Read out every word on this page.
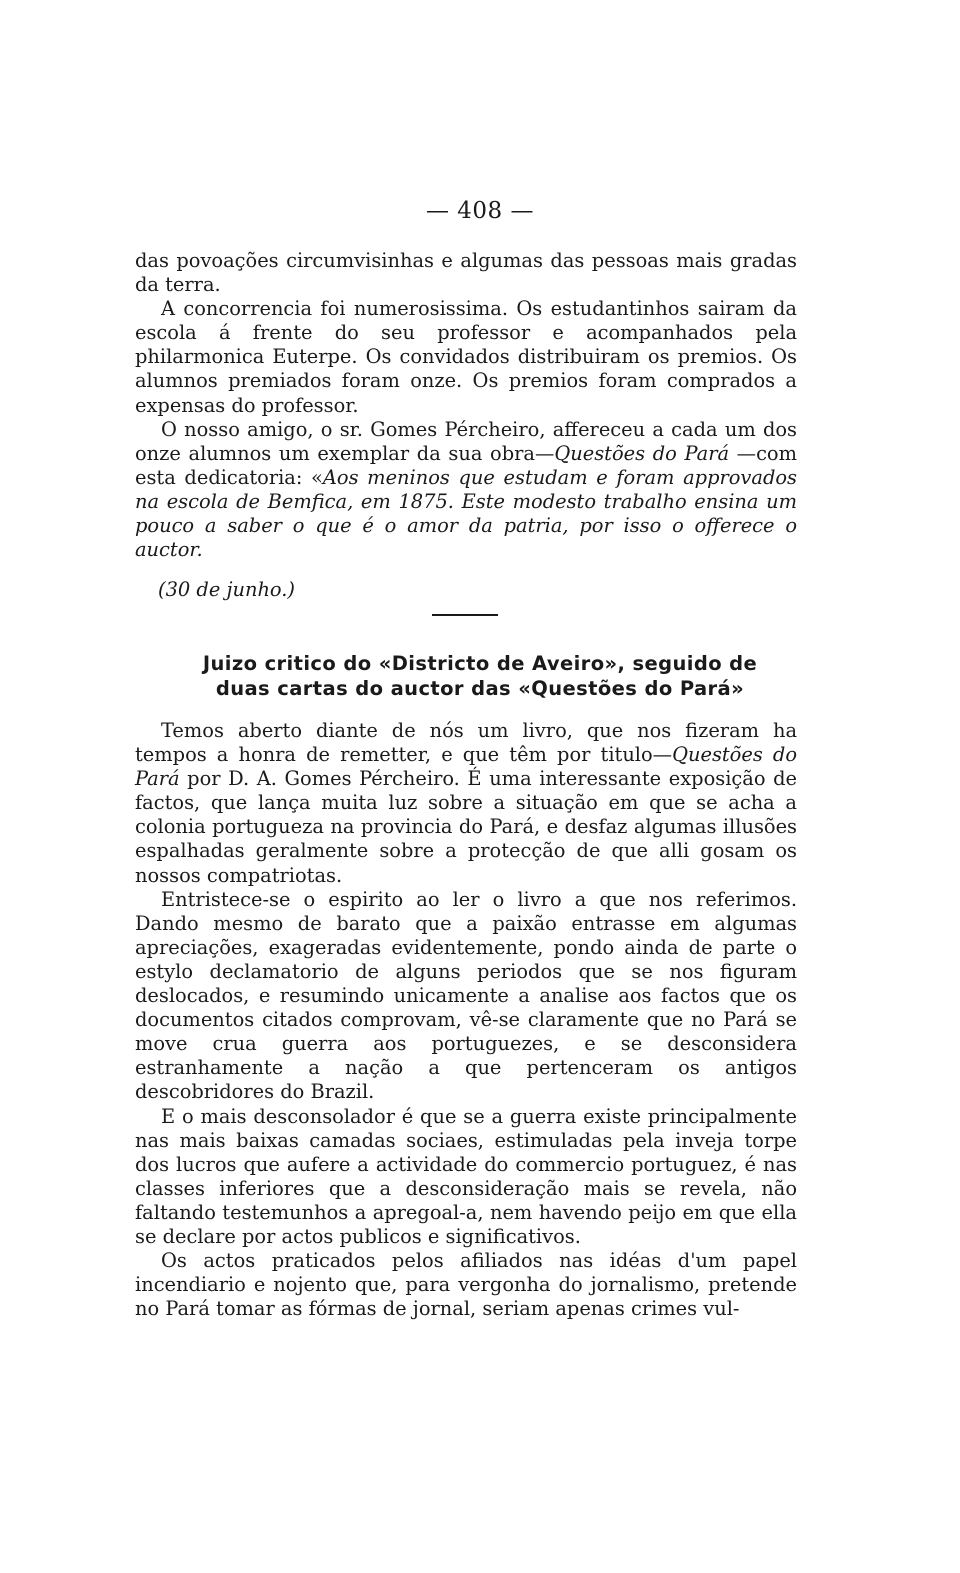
— 408 —

das povoações circumvisinhas e algumas das pessoas mais gradas da terra.

A concorrencia foi numerosissima. Os estudantinhos sairam da escola á frente do seu professor e acompanhados pela philarmonica Euterpe. Os convidados distribuiram os premios. Os alumnos premiados foram onze. Os premios foram comprados a expensas do professor.

O nosso amigo, o sr. Gomes Pércheiro, affereceu a cada um dos onze alumnos um exemplar da sua obra—Questões do Pará —com esta dedicatoria: «Aos meninos que estudam e foram approvados na escola de Bemfica, em 1875. Este modesto trabalho ensina um pouco a saber o que é o amor da patria, por isso o offerece o auctor.

(30 de junho.)
Juizo critico do «Districto de Aveiro», seguido de
duas cartas do auctor das «Questões do Pará»

Temos aberto diante de nós um livro, que nos fizeram ha tempos a honra de remetter, e que têm por titulo—Questões do Pará por D. A. Gomes Pércheiro. É uma interessante exposição de factos, que lança muita luz sobre a situação em que se acha a colonia portugueza na provincia do Pará, e desfaz algumas illusões espalhadas geralmente sobre a protecção de que alli gosam os nossos compatriotas.

Entristece-se o espirito ao ler o livro a que nos referimos. Dando mesmo de barato que a paixão entrasse em algumas apreciações, exageradas evidentemente, pondo ainda de parte o estylo declamatorio de alguns periodos que se nos figuram deslocados, e resumindo unicamente a analise aos factos que os documentos citados comprovam, vê-se claramente que no Pará se move crua guerra aos portuguezes, e se desconsidera estranhamente a nação a que pertenceram os antigos descobridores do Brazil.

E o mais desconsolador é que se a guerra existe principalmente nas mais baixas camadas sociaes, estimuladas pela inveja torpe dos lucros que aufere a actividade do commercio portuguez, é nas classes inferiores que a desconsideração mais se revela, não faltando testemunhos a apregoal-a, nem havendo peijo em que ella se declare por actos publicos e significativos.

Os actos praticados pelos afiliados nas idéas d'um papel incendiario e nojento que, para vergonha do jornalismo, pretende no Pará tomar as fórmas de jornal, seriam apenas crimes vul-
